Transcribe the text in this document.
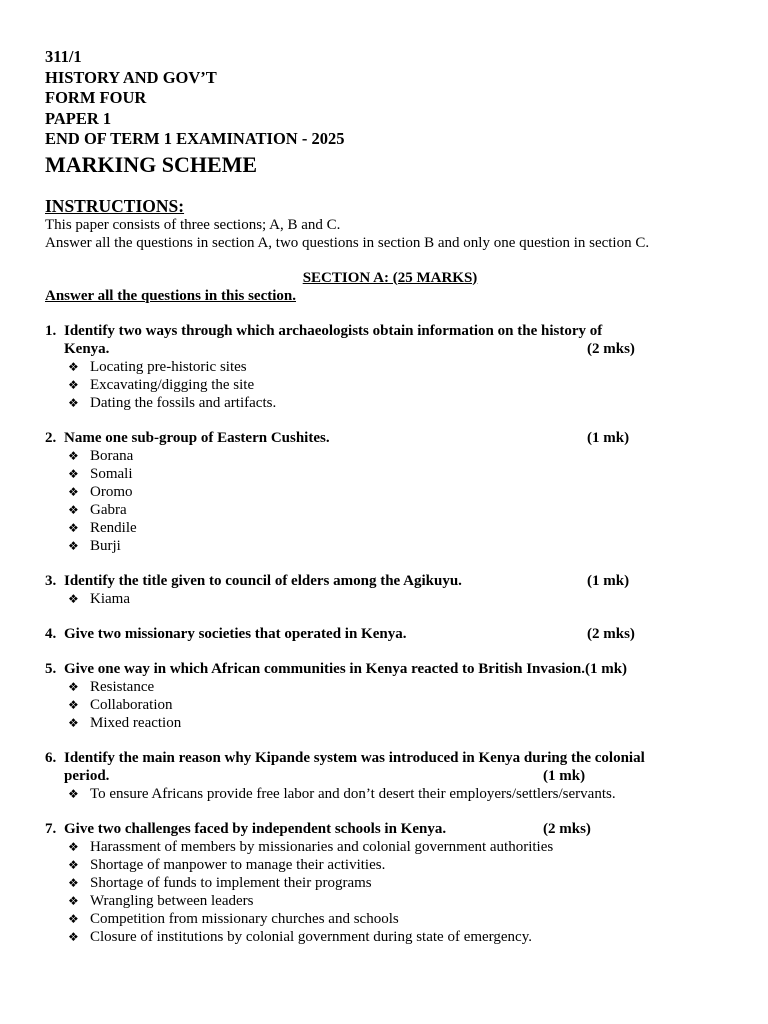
311/1
HISTORY AND GOV’T
FORM FOUR
PAPER 1
END OF TERM 1 EXAMINATION - 2025
MARKING SCHEME
INSTRUCTIONS:
This paper consists of three sections; A, B and C.
Answer all the questions in section A, two questions in section B and only one question in section C.
SECTION A: (25 MARKS)
Answer all the questions in this section.
1. Identify two ways through which archaeologists obtain information on the history of
Kenya.	(2 mks)
❖ Locating pre-historic sites
❖ Excavating/digging the site
❖ Dating the fossils and artifacts.
2. Name one sub-group of Eastern Cushites.	(1 mk)
❖ Borana
❖ Somali
❖ Oromo
❖ Gabra
❖ Rendile
❖ Burji
3. Identify the title given to council of elders among the Agikuyu.	(1 mk)
❖ Kiama
4. Give two missionary societies that operated in Kenya.	(2 mks)
5. Give one way in which African communities in Kenya reacted to British Invasion.(1 mk)
❖ Resistance
❖ Collaboration
❖ Mixed reaction
6. Identify the main reason why Kipande system was introduced in Kenya during the colonial
period.	(1 mk)
❖ To ensure Africans provide free labor and don’t desert their employers/settlers/servants.
7. Give two challenges faced by independent schools in Kenya.	(2 mks)
❖ Harassment of members by missionaries and colonial government authorities
❖ Shortage of manpower to manage their activities.
❖ Shortage of funds to implement their programs
❖ Wrangling between leaders
❖ Competition from missionary churches and schools
❖ Closure of institutions by colonial government during state of emergency.
